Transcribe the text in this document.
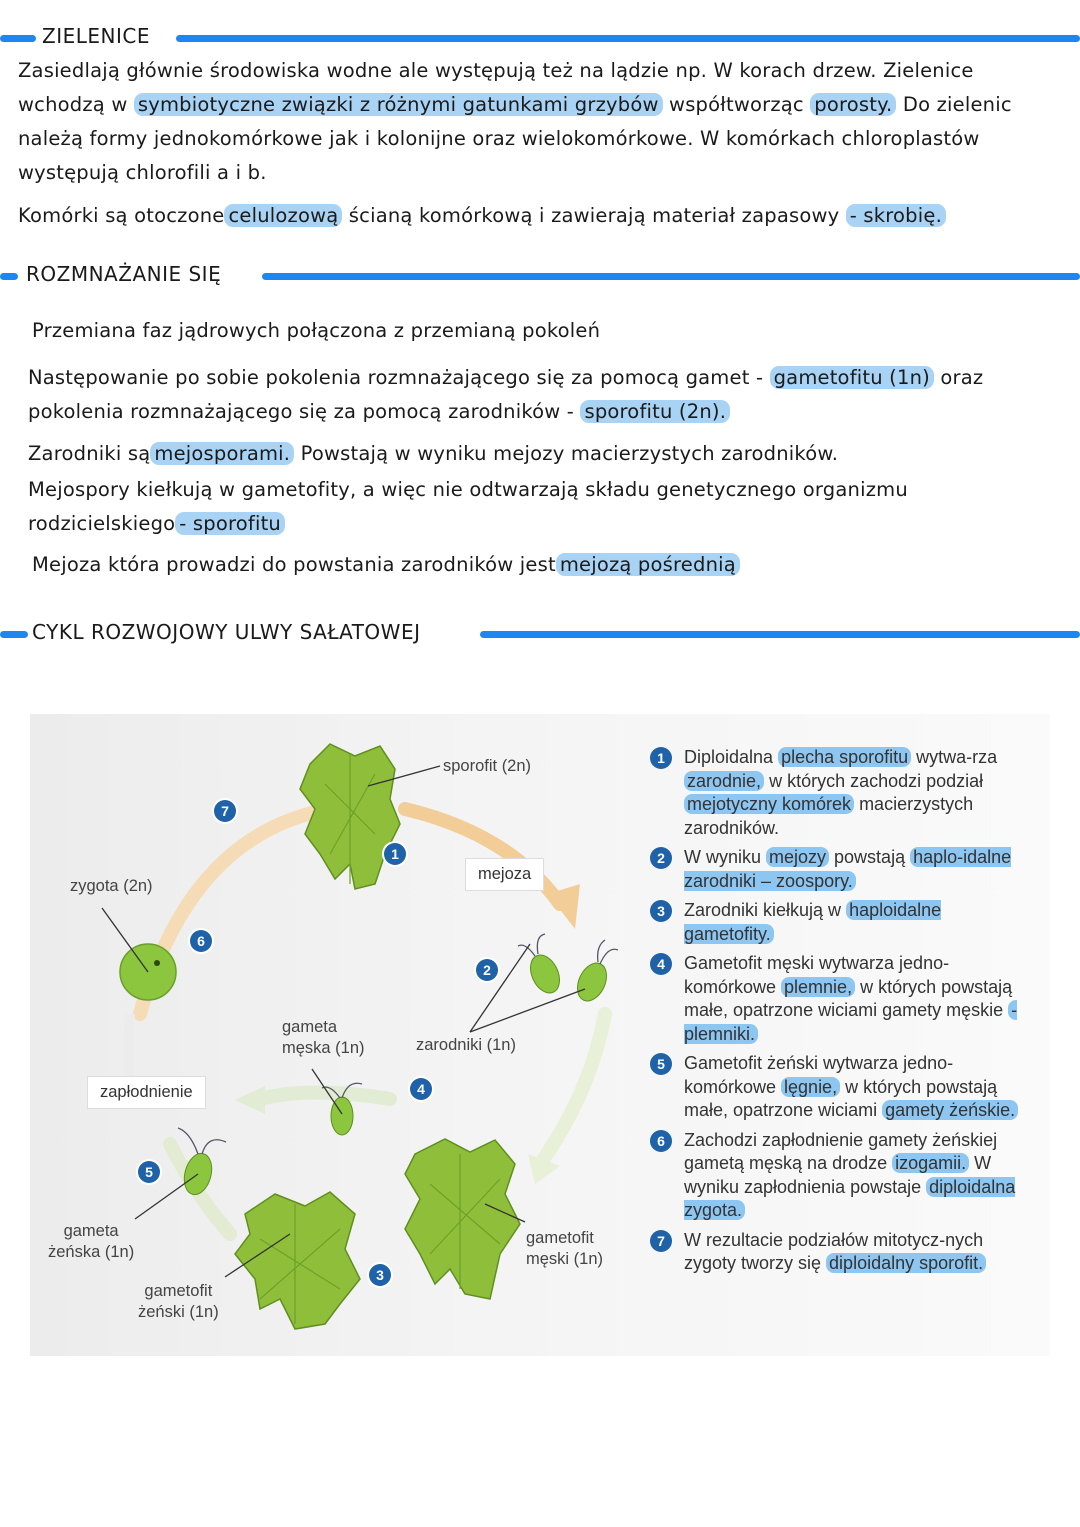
ZIELENICE
Zasiedlają głównie środowiska wodne ale występują też na lądzie np. W korach drzew. Zielenice wchodzą w symbiotyczne związki z różnymi gatunkami grzybów współtworząc porosty. Do zielenic należą formy jednokomórkowe jak i kolonijne oraz wielokomórkowe. W komórkach chloroplastów występują chlorofili a i b.
Komórki są otoczone celulozową ścianą komórkową i zawierają materiał zapasowy - skrobię.
ROZMNAŻANIE SIĘ
Przemiana faz jądrowych połączona z przemianą pokoleń
Następowanie po sobie pokolenia rozmnażającego się za pomocą gamet - gametofitu (1n) oraz pokolenia rozmnażającego się za pomocą zarodników - sporofitu (2n).
Zarodniki są mejosporami. Powstają w wyniku mejozy macierzystych zarodników.
Mejospory kiełkują w gametofity, a więc nie odtwarzają składu genetycznego organizmu rodzicielskiego - sporofitu
Mejoza która prowadzi do powstania zarodników jest mejozą pośrednią
CYKL ROZWOJOWY ULWY SAŁATOWEJ
sporofit (2n)
mejoza
zygota (2n)
gameta
męska (1n)	zarodniki (1n)
zapłodnienie
gameta
żeńska (1n)
gametofit
męski (1n)
gametofit
żeński (1n)
1
2
3
4
5
6
7
1	Diploidalna plecha sporofitu wytwa-rza zarodnie, w których zachodzi podział mejotyczny komórek macierzystych zarodników.
2	W wyniku mejozy powstają haplo-idalne zarodniki – zoospory.
3	Zarodniki kiełkują w haploidalne gametofity.
4	Gametofit męski wytwarza jedno-komórkowe plemnie, w których powstają małe, opatrzone wiciami gamety męskie - plemniki.
5	Gametofit żeński wytwarza jedno-komórkowe lęgnie, w których powstają małe, opatrzone wiciami gamety żeńskie.
6	Zachodzi zapłodnienie gamety żeńskiej gametą męską na drodze izogamii. W wyniku zapłodnienia powstaje diploidalna zygota.
7	W rezultacie podziałów mitotycz-nych zygoty tworzy się diploidalny sporofit.
